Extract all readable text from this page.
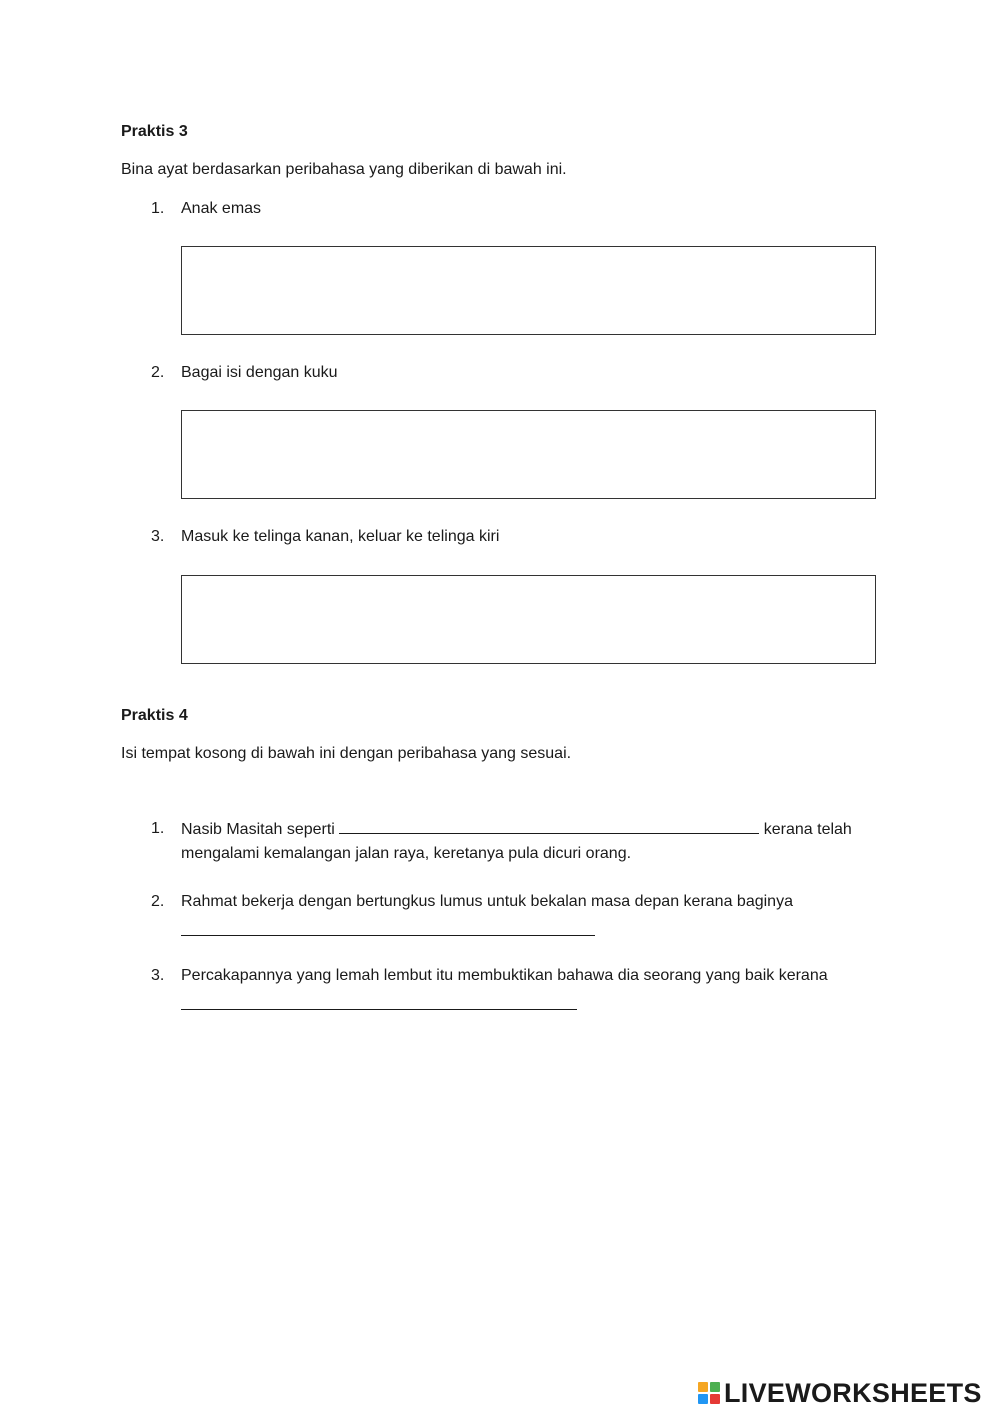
Praktis 3
Bina ayat berdasarkan peribahasa yang diberikan di bawah ini.
1. Anak emas
2. Bagai isi dengan kuku
3. Masuk ke telinga kanan, keluar ke telinga kiri
Praktis 4
Isi tempat kosong di bawah ini dengan peribahasa yang sesuai.
1. Nasib Masitah seperti	kerana telah
mengalami kemalangan jalan raya, keretanya pula dicuri orang.
2. Rahmat bekerja dengan bertungkus lumus untuk bekalan masa depan kerana baginya
3. Percakapannya yang lemah lembut itu membuktikan bahawa dia seorang yang baik kerana
LIVEWORKSHEETS
